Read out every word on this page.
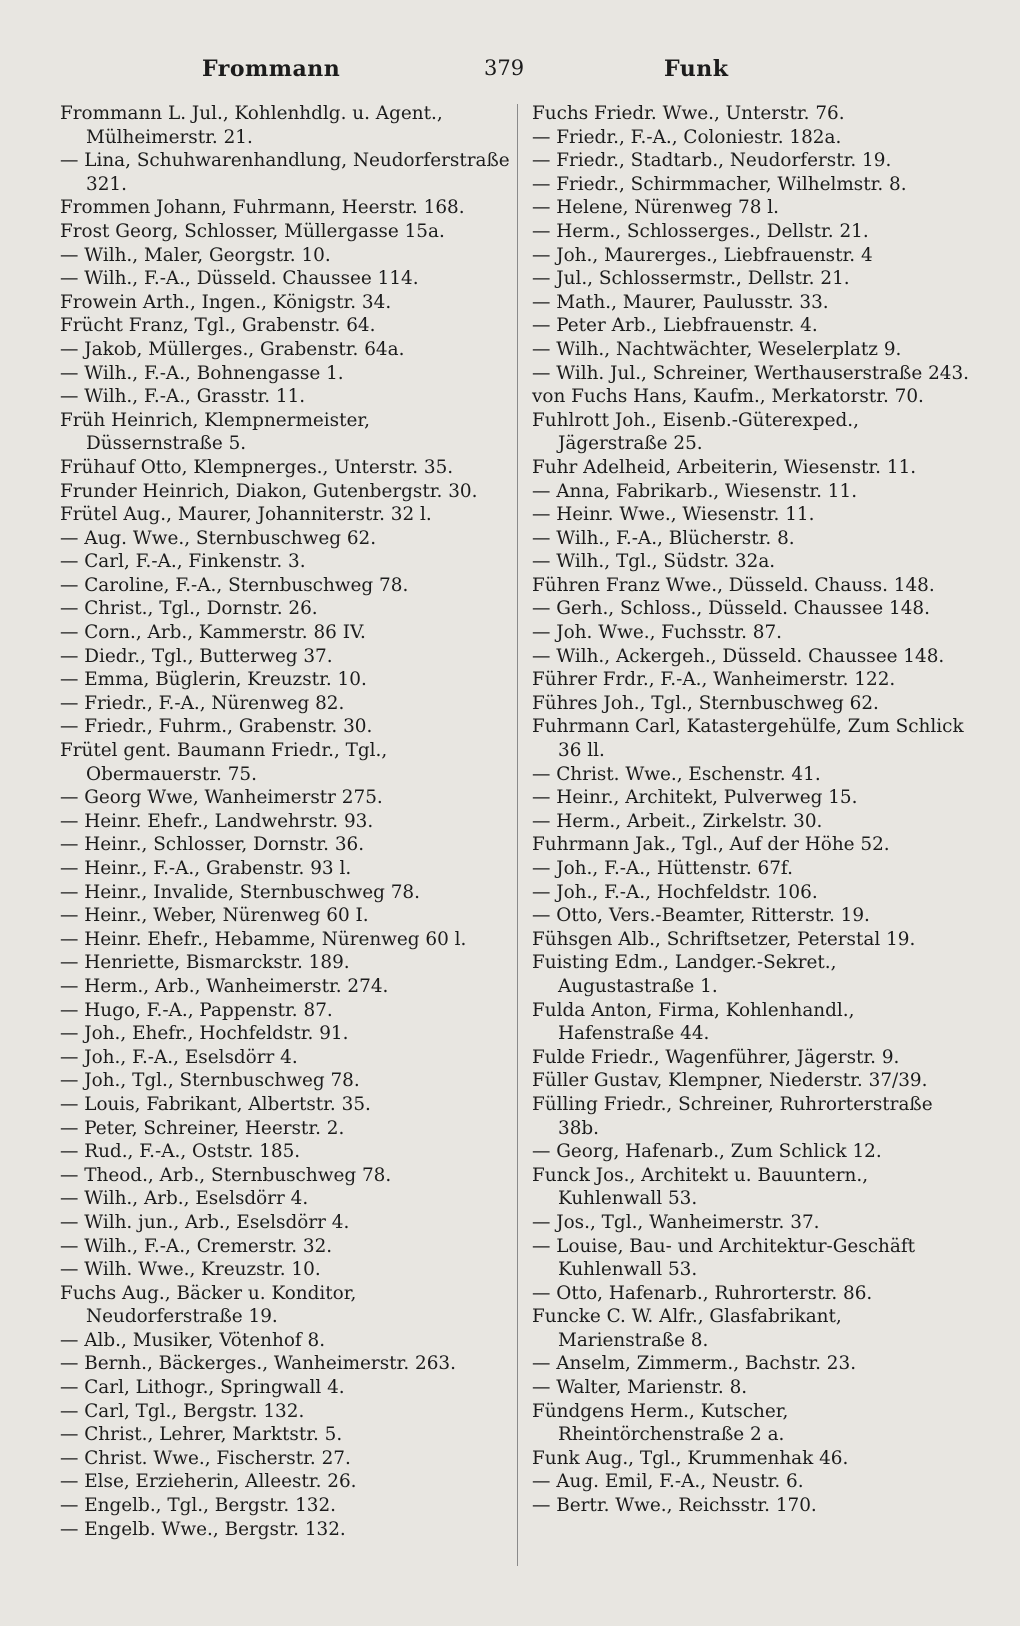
Frommann	379	Funk
Frommann L. Jul., Kohlenhdlg. u. Agent., Mülheimerstr. 21.
— Lina, Schuhwarenhandlung, Neudorferstraße 321.
Frommen Johann, Fuhrmann, Heerstr. 168.
Frost Georg, Schlosser, Müllergasse 15a.
— Wilh., Maler, Georgstr. 10.
— Wilh., F.-A., Düsseld. Chaussee 114.
Frowein Arth., Ingen., Königstr. 34.
Frücht Franz, Tgl., Grabenstr. 64.
— Jakob, Müllerges., Grabenstr. 64a.
— Wilh., F.-A., Bohnengasse 1.
— Wilh., F.-A., Grasstr. 11.
Früh Heinrich, Klempnermeister, Düssernstraße 5.
Frühauf Otto, Klempnerges., Unterstr. 35.
Frunder Heinrich, Diakon, Gutenbergstr. 30.
Frütel Aug., Maurer, Johanniterstr. 32 l.
— Aug. Wwe., Sternbuschweg 62.
— Carl, F.-A., Finkenstr. 3.
— Caroline, F.-A., Sternbuschweg 78.
— Christ., Tgl., Dornstr. 26.
— Corn., Arb., Kammerstr. 86 IV.
— Diedr., Tgl., Butterweg 37.
— Emma, Büglerin, Kreuzstr. 10.
— Friedr., F.-A., Nürenweg 82.
— Friedr., Fuhrm., Grabenstr. 30.
Frütel gent. Baumann Friedr., Tgl., Obermauerstr. 75.
— Georg Wwe, Wanheimerstr 275.
— Heinr. Ehefr., Landwehrstr. 93.
— Heinr., Schlosser, Dornstr. 36.
— Heinr., F.-A., Grabenstr. 93 l.
— Heinr., Invalide, Sternbuschweg 78.
— Heinr., Weber, Nürenweg 60 I.
— Heinr. Ehefr., Hebamme, Nürenweg 60 l.
— Henriette, Bismarckstr. 189.
— Herm., Arb., Wanheimerstr. 274.
— Hugo, F.-A., Pappenstr. 87.
— Joh., Ehefr., Hochfeldstr. 91.
— Joh., F.-A., Eselsdörr 4.
— Joh., Tgl., Sternbuschweg 78.
— Louis, Fabrikant, Albertstr. 35.
— Peter, Schreiner, Heerstr. 2.
— Rud., F.-A., Oststr. 185.
— Theod., Arb., Sternbuschweg 78.
— Wilh., Arb., Eselsdörr 4.
— Wilh. jun., Arb., Eselsdörr 4.
— Wilh., F.-A., Cremerstr. 32.
— Wilh. Wwe., Kreuzstr. 10.
Fuchs Aug., Bäcker u. Konditor, Neudorferstraße 19.
— Alb., Musiker, Vötenhof 8.
— Bernh., Bäckerges., Wanheimerstr. 263.
— Carl, Lithogr., Springwall 4.
— Carl, Tgl., Bergstr. 132.
— Christ., Lehrer, Marktstr. 5.
— Christ. Wwe., Fischerstr. 27.
— Else, Erzieherin, Alleestr. 26.
— Engelb., Tgl., Bergstr. 132.
— Engelb. Wwe., Bergstr. 132.
Fuchs Friedr. Wwe., Unterstr. 76.
— Friedr., F.-A., Coloniestr. 182a.
— Friedr., Stadtarb., Neudorferstr. 19.
— Friedr., Schirmmacher, Wilhelmstr. 8.
— Helene, Nürenweg 78 l.
— Herm., Schlosserges., Dellstr. 21.
— Joh., Maurerges., Liebfrauenstr. 4
— Jul., Schlossermstr., Dellstr. 21.
— Math., Maurer, Paulusstr. 33.
— Peter Arb., Liebfrauenstr. 4.
— Wilh., Nachtwächter, Weselerplatz 9.
— Wilh. Jul., Schreiner, Werthauserstraße 243.
von Fuchs Hans, Kaufm., Merkatorstr. 70.
Fuhlrott Joh., Eisenb.-Güterexped., Jägerstraße 25.
Fuhr Adelheid, Arbeiterin, Wiesenstr. 11.
— Anna, Fabrikarb., Wiesenstr. 11.
— Heinr. Wwe., Wiesenstr. 11.
— Wilh., F.-A., Blücherstr. 8.
— Wilh., Tgl., Südstr. 32a.
Führen Franz Wwe., Düsseld. Chauss. 148.
— Gerh., Schloss., Düsseld. Chaussee 148.
— Joh. Wwe., Fuchsstr. 87.
— Wilh., Ackergeh., Düsseld. Chaussee 148.
Führer Frdr., F.-A., Wanheimerstr. 122.
Führes Joh., Tgl., Sternbuschweg 62.
Fuhrmann Carl, Katastergehülfe, Zum Schlick 36 ll.
— Christ. Wwe., Eschenstr. 41.
— Heinr., Architekt, Pulverweg 15.
— Herm., Arbeit., Zirkelstr. 30.
Fuhrmann Jak., Tgl., Auf der Höhe 52.
— Joh., F.-A., Hüttenstr. 67f.
— Joh., F.-A., Hochfeldstr. 106.
— Otto, Vers.-Beamter, Ritterstr. 19.
Fühsgen Alb., Schriftsetzer, Peterstal 19.
Fuisting Edm., Landger.-Sekret., Augustastraße 1.
Fulda Anton, Firma, Kohlenhandl., Hafenstraße 44.
Fulde Friedr., Wagenführer, Jägerstr. 9.
Füller Gustav, Klempner, Niederstr. 37/39.
Fülling Friedr., Schreiner, Ruhrorterstraße 38b.
— Georg, Hafenarb., Zum Schlick 12.
Funck Jos., Architekt u. Bauuntern., Kuhlenwall 53.
— Jos., Tgl., Wanheimerstr. 37.
— Louise, Bau- und Architektur-Geschäft Kuhlenwall 53.
— Otto, Hafenarb., Ruhrorterstr. 86.
Funcke C. W. Alfr., Glasfabrikant, Marienstraße 8.
— Anselm, Zimmerm., Bachstr. 23.
— Walter, Marienstr. 8.
Fündgens Herm., Kutscher, Rheintörchenstraße 2 a.
Funk Aug., Tgl., Krummenhak 46.
— Aug. Emil, F.-A., Neustr. 6.
— Bertr. Wwe., Reichsstr. 170.
